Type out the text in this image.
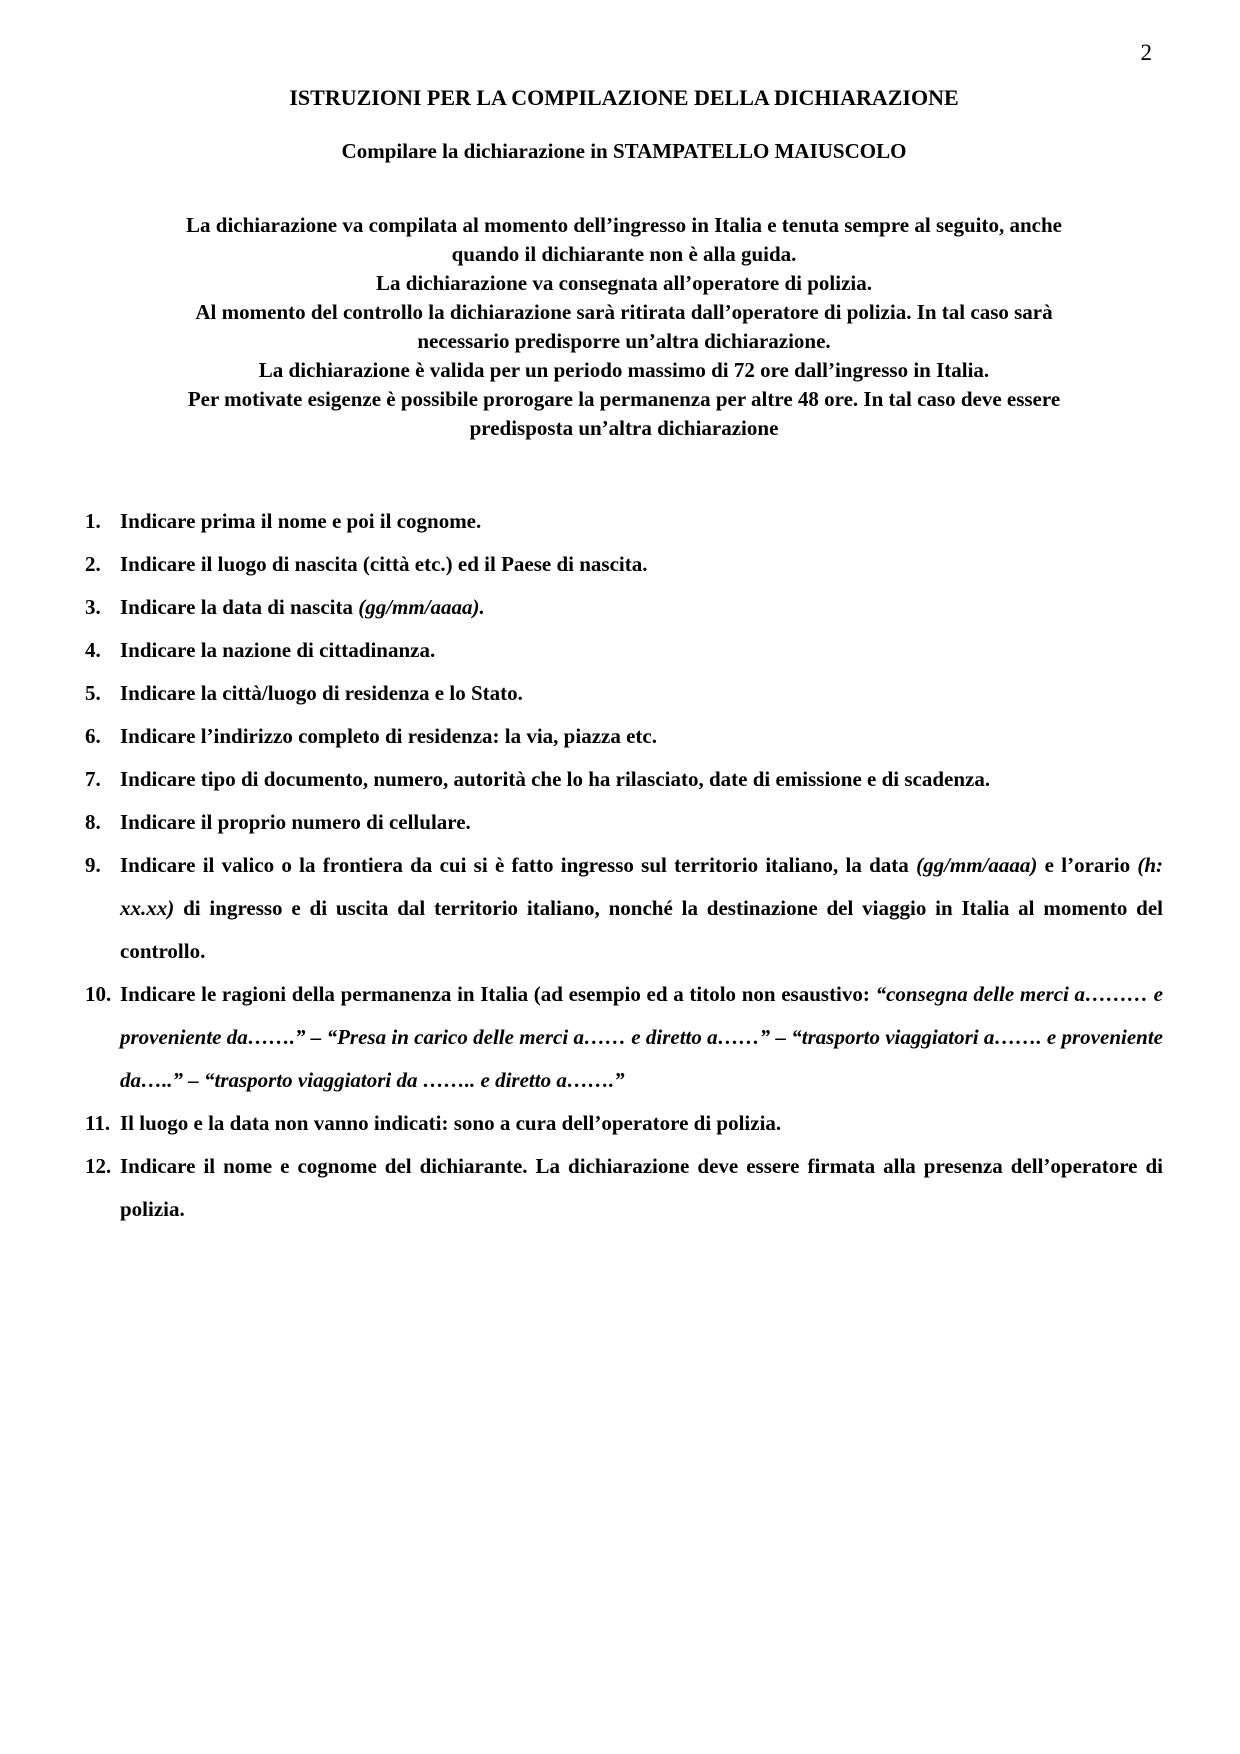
2
ISTRUZIONI PER LA COMPILAZIONE DELLA DICHIARAZIONE
Compilare la dichiarazione in STAMPATELLO MAIUSCOLO
La dichiarazione va compilata al momento dell’ingresso in Italia e tenuta sempre al seguito, anche
quando il dichiarante non è alla guida.
La dichiarazione va consegnata all’operatore di polizia.
Al momento del controllo la dichiarazione sarà ritirata dall’operatore di polizia. In tal caso sarà
necessario predisporre un’altra dichiarazione.
La dichiarazione è valida per un periodo massimo di 72 ore dall’ingresso in Italia.
Per motivate esigenze è possibile prorogare la permanenza per altre 48 ore. In tal caso deve essere
predisposta un’altra dichiarazione
1. Indicare prima il nome e poi il cognome.
2. Indicare il luogo di nascita (città etc.) ed il Paese di nascita.
3. Indicare la data di nascita (gg/mm/aaaa).
4. Indicare la nazione di cittadinanza.
5. Indicare la città/luogo di residenza e lo Stato.
6. Indicare l’indirizzo completo di residenza: la via, piazza etc.
7. Indicare tipo di documento, numero, autorità che lo ha rilasciato, date di emissione e di scadenza.
8. Indicare il proprio numero di cellulare.
9. Indicare il valico o la frontiera da cui si è fatto ingresso sul territorio italiano, la data (gg/mm/aaaa) e l’orario (h: xx.xx) di ingresso e di uscita dal territorio italiano, nonché la destinazione del viaggio in Italia al momento del controllo.
10. Indicare le ragioni della permanenza in Italia (ad esempio ed a titolo non esaustivo: “consegna delle merci a……… e proveniente da…….” – “Presa in carico delle merci a…… e diretto a……” – “trasporto viaggiatori a……. e proveniente da…..” – “trasporto viaggiatori da …….. e diretto a…….”
11. Il luogo e la data non vanno indicati: sono a cura dell’operatore di polizia.
12. Indicare il nome e cognome del dichiarante. La dichiarazione deve essere firmata alla presenza dell’operatore di polizia.
